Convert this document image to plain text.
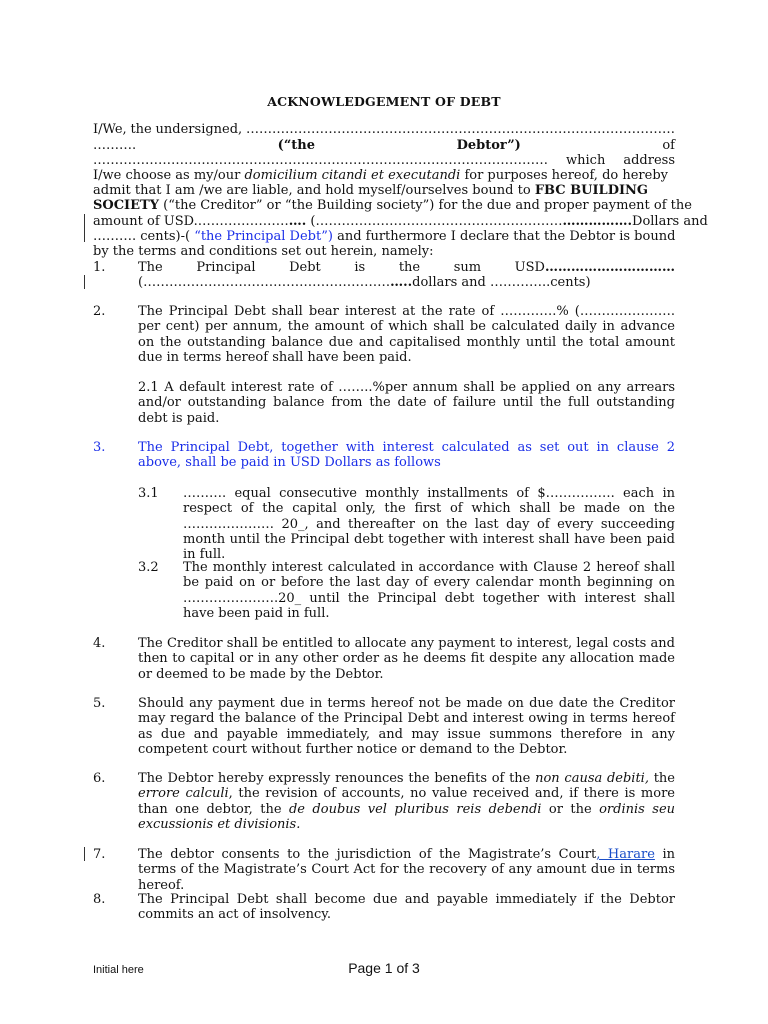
ACKNOWLEDGEMENT OF DEBT
I/We, the undersigned, ………………………………………………………………………………………
……….	(“the	Debtor”)	of
…………………………………………………………………………………………… which address
I/we choose as my/our domicilium citandi et executandi for purposes hereof, do hereby
admit that I am /we are liable, and hold myself/ourselves bound to FBC BUILDING
SOCIETY (“the Creditor” or “the Building society”) for the due and proper payment of the
amount of USD.……………………. (……………………………………………………………….Dollars and
………. cents)-( “the Principal Debt”) and furthermore I declare that the Debtor is bound
by the terms and conditions set out herein, namely:
1.	The	Principal	Debt	is	the	sum	USD…………………………
(……………………………………………………..dollars and …………..cents)
2.	The Principal Debt shall bear interest at the rate of ………….% (…………………. per cent) per annum, the amount of which shall be calculated daily in advance on the outstanding balance due and capitalised monthly until the total amount due in terms hereof shall have been paid.
2.1 A default interest rate of ……..%per annum shall be applied on any arrears and/or outstanding balance from the date of failure until the full outstanding debt is paid.
3.	The Principal Debt, together with interest calculated as set out in clause 2 above, shall be paid in USD Dollars as follows
3.1 ………. equal consecutive monthly installments of $……………. each in respect of the capital only, the first of which shall be made on the ………………… 20_, and thereafter on the last day of every succeeding month until the Principal debt together with interest shall have been paid in full.
3.2 The monthly interest calculated in accordance with Clause 2 hereof shall be paid on or before the last day of every calendar month beginning on ………………….20_ until the Principal debt together with interest shall have been paid in full.
4.	The Creditor shall be entitled to allocate any payment to interest, legal costs and then to capital or in any other order as he deems fit despite any allocation made or deemed to be made by the Debtor.
5.	Should any payment due in terms hereof not be made on due date the Creditor may regard the balance of the Principal Debt and interest owing in terms hereof as due and payable immediately, and may issue summons therefore in any competent court without further notice or demand to the Debtor.
6.	The Debtor hereby expressly renounces the benefits of the non causa debiti, the errore calculi, the revision of accounts, no value received and, if there is more than one debtor, the de doubus vel pluribus reis debendi or the ordinis seu excussionis et divisionis.
7.	The debtor consents to the jurisdiction of the Magistrate’s Court, Harare in terms of the Magistrate’s Court Act for the recovery of any amount due in terms hereof.
8.	The Principal Debt shall become due and payable immediately if the Debtor commits an act of insolvency.
Initial here	Page 1 of 3
